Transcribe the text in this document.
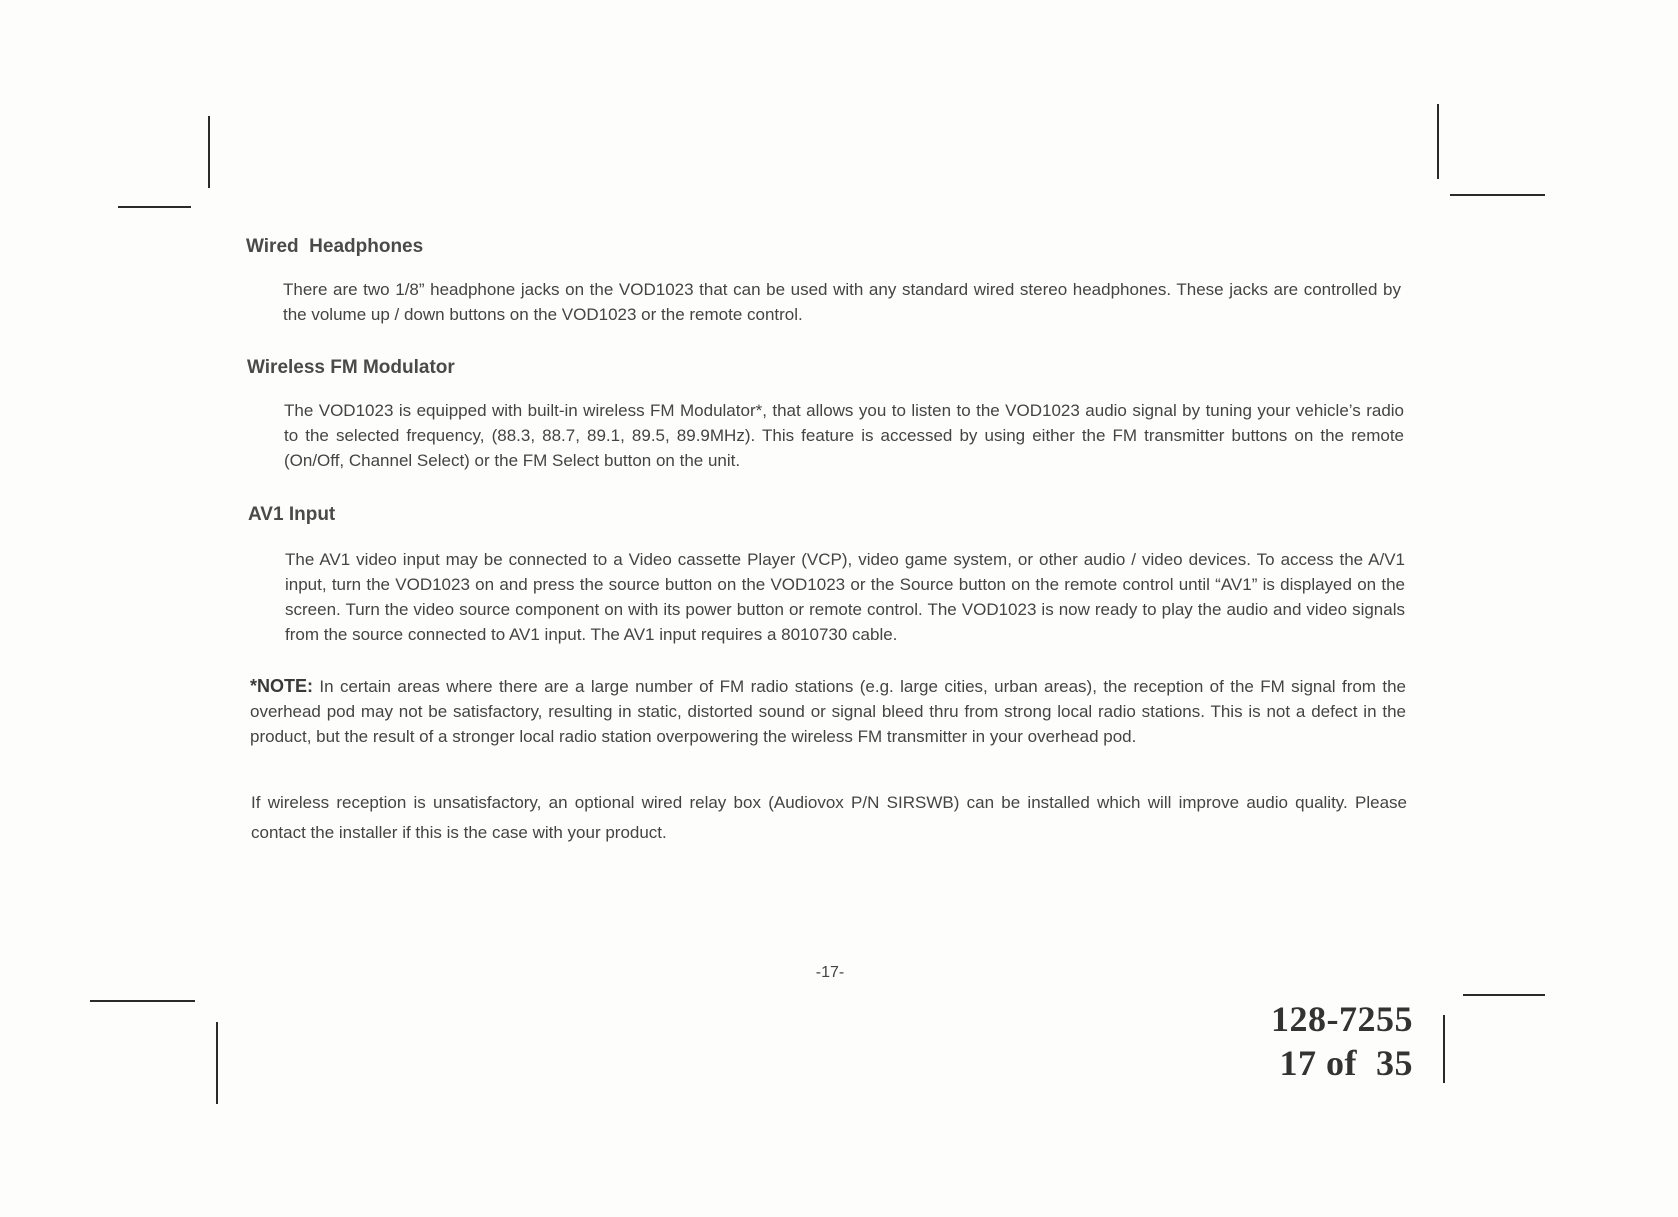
Wired  Headphones

There are two 1/8” headphone jacks on the VOD1023 that can be used with any standard wired stereo headphones. These jacks are controlled by the volume up / down buttons on the VOD1023 or the remote control.

Wireless FM Modulator

The VOD1023 is equipped with built-in wireless FM Modulator*, that allows you to listen to the VOD1023 audio signal by tuning your vehicle’s radio to the selected frequency, (88.3, 88.7, 89.1, 89.5, 89.9MHz). This feature is accessed by using either the FM transmitter buttons on the remote (On/Off, Channel Select) or the FM Select button on the unit.

AV1 Input

The AV1 video input may be connected to a Video cassette Player (VCP), video game system, or other audio / video devices. To access the A/V1 input, turn the VOD1023 on and press the source button on the VOD1023 or the Source button on the remote control until “AV1” is displayed on the screen. Turn the video source component on with its power button or remote control. The VOD1023 is now ready to play the audio and video signals from the source connected to AV1 input. The AV1 input requires a 8010730 cable.

*NOTE: In certain areas where there are a large number of FM radio stations (e.g. large cities, urban areas), the reception of the FM signal from the overhead pod may not be satisfactory, resulting in static, distorted sound or signal bleed thru from strong local radio stations. This is not a defect in the product, but the result of a stronger local radio station overpowering the wireless FM transmitter in your overhead pod.

If wireless reception is unsatisfactory, an optional wired relay box (Audiovox P/N SIRSWB) can be installed which will improve audio quality. Please contact the installer if this is the case with your product.

-17-
128-7255
17 of  35
